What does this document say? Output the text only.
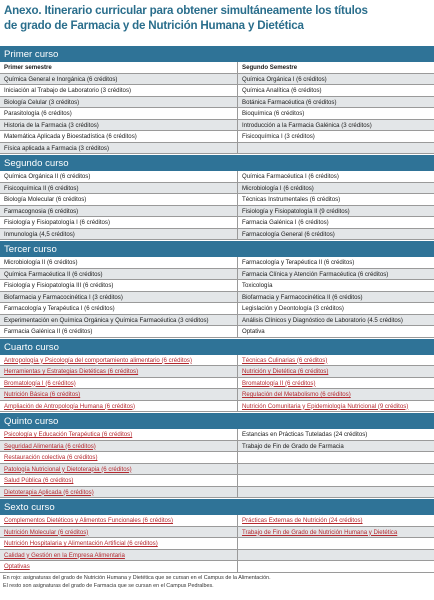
Anexo. Itinerario curricular para obtener simultáneamente los títulos
de grado de Farmacia y de Nutrición Humana y Dietética
Primer curso
Primer semestre	Segundo Semestre
Química General e Inorgánica (6 créditos)	Química Orgánica I (6 créditos)
Iniciación al Trabajo de Laboratorio (3 créditos)	Química Analítica (6 créditos)
Biología Celular (3 créditos)	Botánica Farmacéutica (6 créditos)
Parasitología (6 créditos)	Bioquímica (6 créditos)
Historia de la Farmacia (3 créditos)	Introducción a la Farmacia Galénica (3 créditos)
Matemática Aplicada y Bioestadística (6 créditos)	Fisicoquímica I (3 créditos)
Física aplicada a Farmacia (3 créditos)
Segundo curso
Química Orgánica II (6 créditos)	Química Farmacéutica I (6 créditos)
Fisicoquímica II (6 créditos)	Microbiología I (6 créditos)
Biología Molecular (6 créditos)	Técnicas Instrumentales (6 créditos)
Farmacognosia (6 créditos)	Fisiología y Fisiopatología II (9 créditos)
Fisiología y Fisiopatología I (6 créditos)	Farmacia Galénica I (6 créditos)
Inmunología (4,5 créditos)	Farmacología General (6 créditos)
Tercer curso
Microbiología II (6 créditos)	Farmacología y Terapéutica II (6 créditos)
Química Farmacéutica II (6 créditos)	Farmacia Clínica y Atención Farmacéutica (6 créditos)
Fisiología y Fisiopatología III (6 créditos)	Toxicología
Biofarmacia y Farmacocinética I (3 créditos)	Biofarmacia y Farmacocinética II (6 créditos)
Farmacología y Terapéutica I (6 créditos)	Legislación y Deontología (3 créditos)
Experimentación en Química Orgánica y Química Farmacéutica (3 créditos)	Análisis Clínicos y Diagnóstico de Laboratorio (4.5 créditos)
Farmacia Galénica II (6 créditos)	Optativa
Cuarto curso
Antropología y Psicología del comportamiento alimentario (6 créditos)	Técnicas Culinarias (6 créditos)
Herramientas y Estrategias Dietéticas (6 créditos)	Nutrición y Dietética (6 créditos)
Bromatología I (6 créditos)	Bromatología II (6 créditos)
Nutrición Básica (6 créditos)	Regulación del Metabolismo (6 créditos)
Ampliación de Antropología Humana (6 créditos)	Nutrición Comunitaria y Epidemiología Nutricional (9 créditos)
Quinto curso
Psicología y Educación Terapéutica (6 créditos)	Estancias en Prácticas Tuteladas (24 créditos)
Seguridad Alimentaria (6 créditos)	Trabajo de Fin de Grado de Farmacia
Restauración colectiva (6 créditos)
Patología Nutricional y Dietoterapia (6 créditos)
Salud Pública (6 créditos)
Dietoterapia Aplicada (6 créditos)
Sexto curso
Complementos Dietéticos y Alimentos Funcionales (6 créditos)	Prácticas Externas de Nutrición (24 créditos)
Nutrición Molecular (6 créditos)	Trabajo de Fin de Grado de Nutrición Humana y Dietética
Nutrición Hospitalaria y Alimentación Artificial (6 créditos)
Calidad y Gestión en la Empresa Alimentaria
Optativas
En rojo: asignaturas del grado de Nutrición Humana y Dietética que se cursan en el Campus de la Alimentación.
El resto son asignaturas del grado de Farmacia que se cursan en el Campus Pedralbes.
